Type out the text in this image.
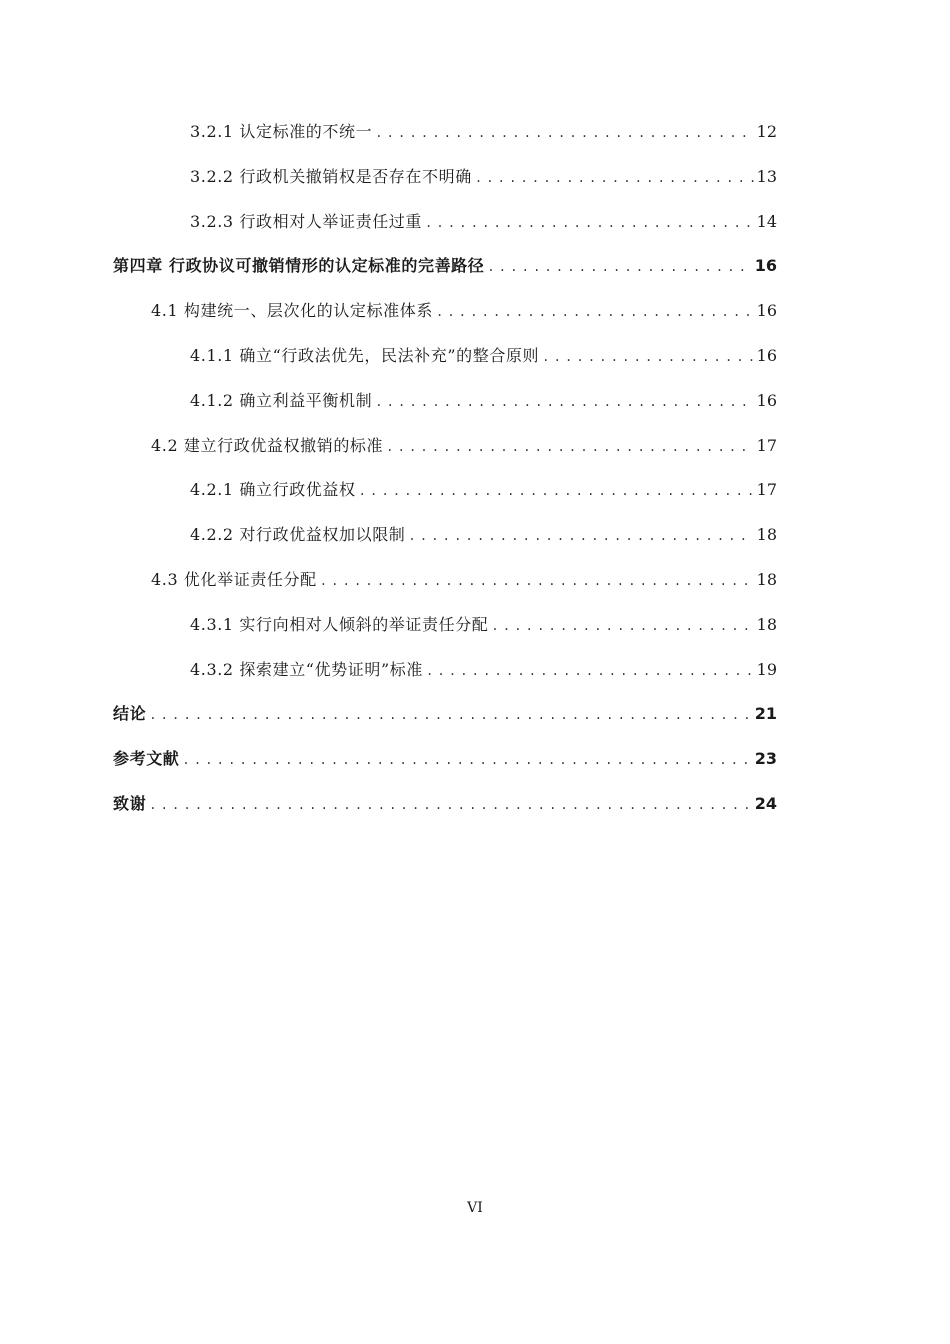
3.2.1 认定标准的不统一 .....	12
3.2.2 行政机关撤销权是否存在不明确 .....	13
3.2.3 行政相对人举证责任过重 .....	14
第四章 行政协议可撤销情形的认定标准的完善路径 .....	16
4.1 构建统一、层次化的认定标准体系 .....	16
4.1.1 确立“行政法优先，民法补充”的整合原则 .....	16
4.1.2 确立利益平衡机制 .....	16
4.2 建立行政优益权撤销的标准 .....	17
4.2.1 确立行政优益权 .....	17
4.2.2 对行政优益权加以限制 .....	18
4.3 优化举证责任分配 .....	18
4.3.1 实行向相对人倾斜的举证责任分配 .....	18
4.3.2 探索建立“优势证明”标准 .....	19
结论 .....	21
参考文献 .....	23
致谢 .....	24
VI
